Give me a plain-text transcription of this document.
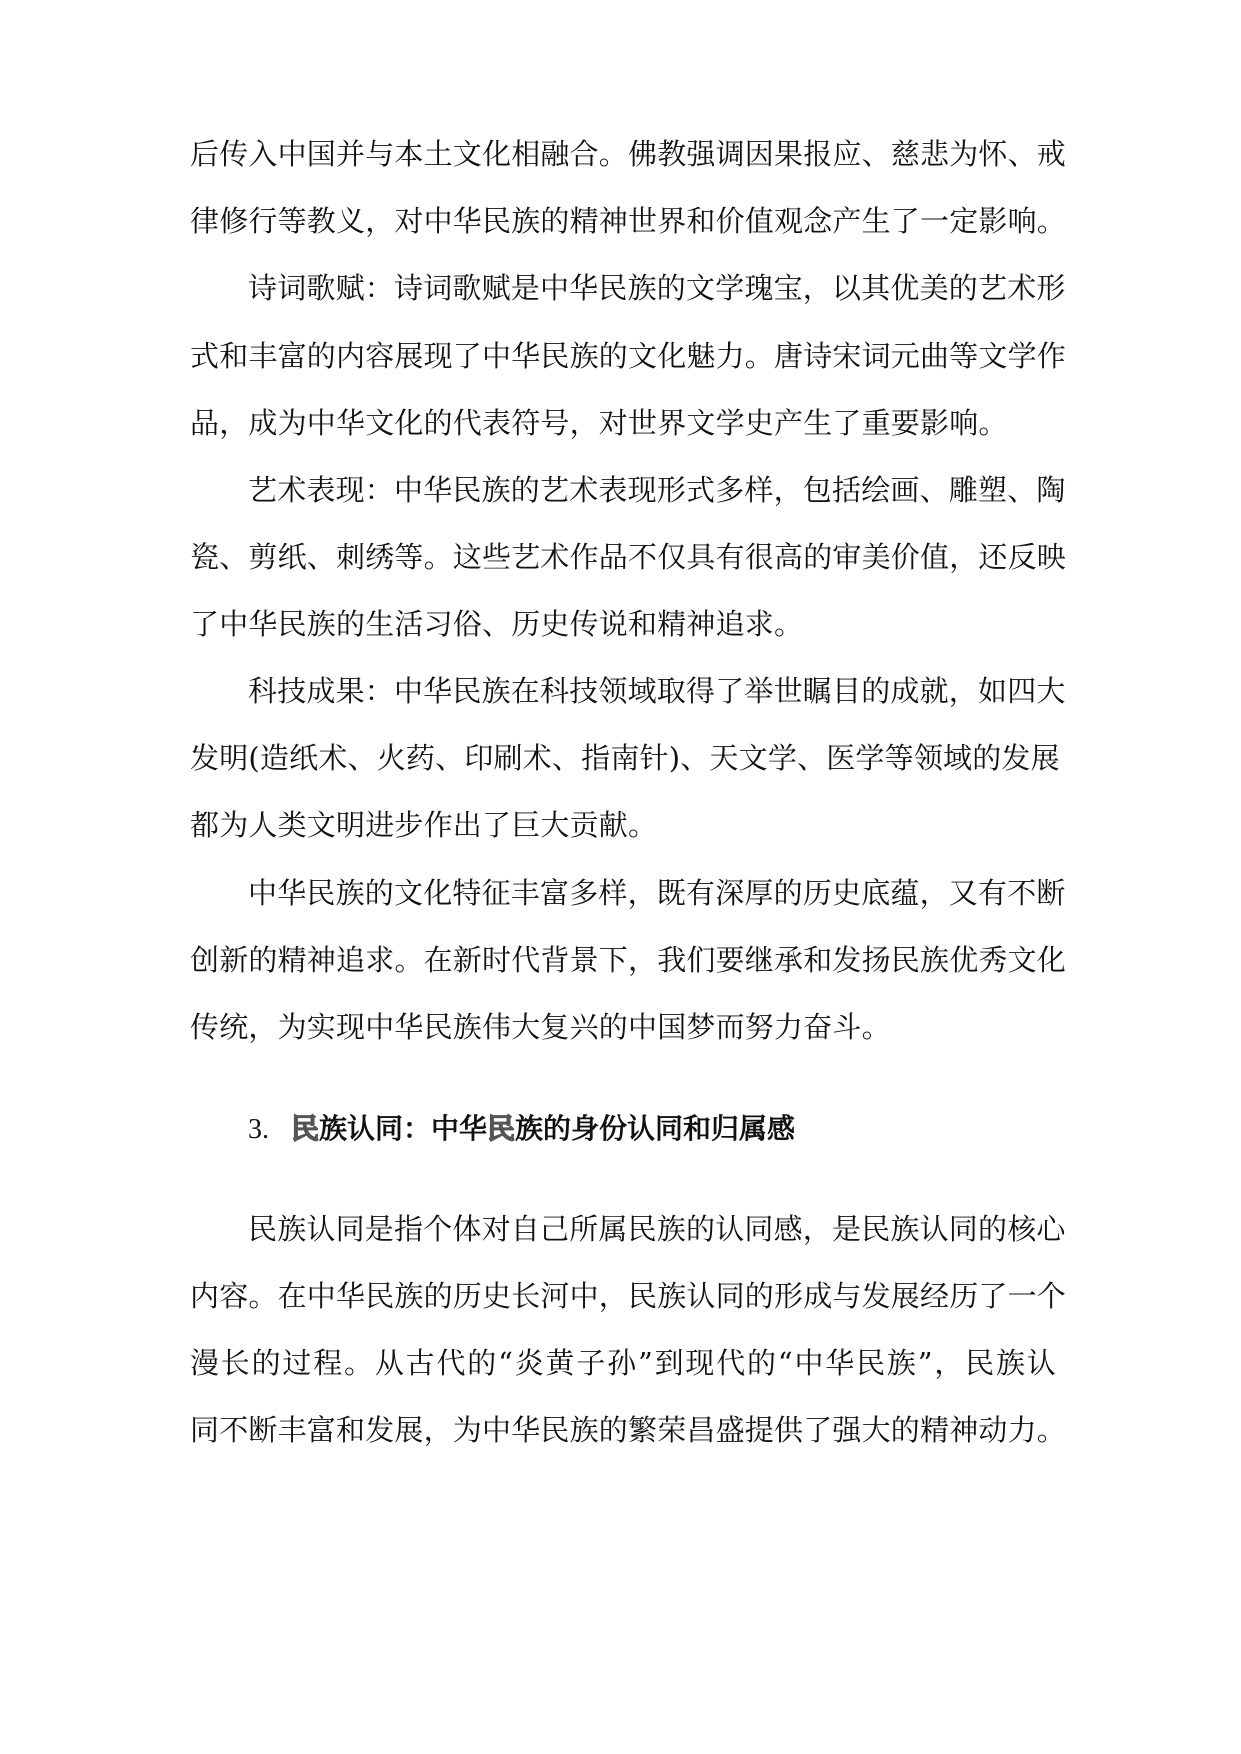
后传入中国并与本土文化相融合。佛教强调因果报应、慈悲为怀、戒
律修行等教义，对中华民族的精神世界和价值观念产生了一定影响。
诗词歌赋：诗词歌赋是中华民族的文学瑰宝，以其优美的艺术形
式和丰富的内容展现了中华民族的文化魅力。唐诗宋词元曲等文学作
品，成为中华文化的代表符号，对世界文学史产生了重要影响。
艺术表现：中华民族的艺术表现形式多样，包括绘画、雕塑、陶
瓷、剪纸、刺绣等。这些艺术作品不仅具有很高的审美价值，还反映
了中华民族的生活习俗、历史传说和精神追求。
科技成果：中华民族在科技领域取得了举世瞩目的成就，如四大
发明(造纸术、火药、印刷术、指南针)、天文学、医学等领域的发展
都为人类文明进步作出了巨大贡献。
中华民族的文化特征丰富多样，既有深厚的历史底蕴，又有不断
创新的精神追求。在新时代背景下，我们要继承和发扬民族优秀文化
传统，为实现中华民族伟大复兴的中国梦而努力奋斗。
3. 民族认同：中华民族的身份认同和归属感
民族认同是指个体对自己所属民族的认同感，是民族认同的核心
内容。在中华民族的历史长河中，民族认同的形成与发展经历了一个
漫长的过程。从古代的“炎黄子孙”到现代的“中华民族”，民族认
同不断丰富和发展，为中华民族的繁荣昌盛提供了强大的精神动力。
